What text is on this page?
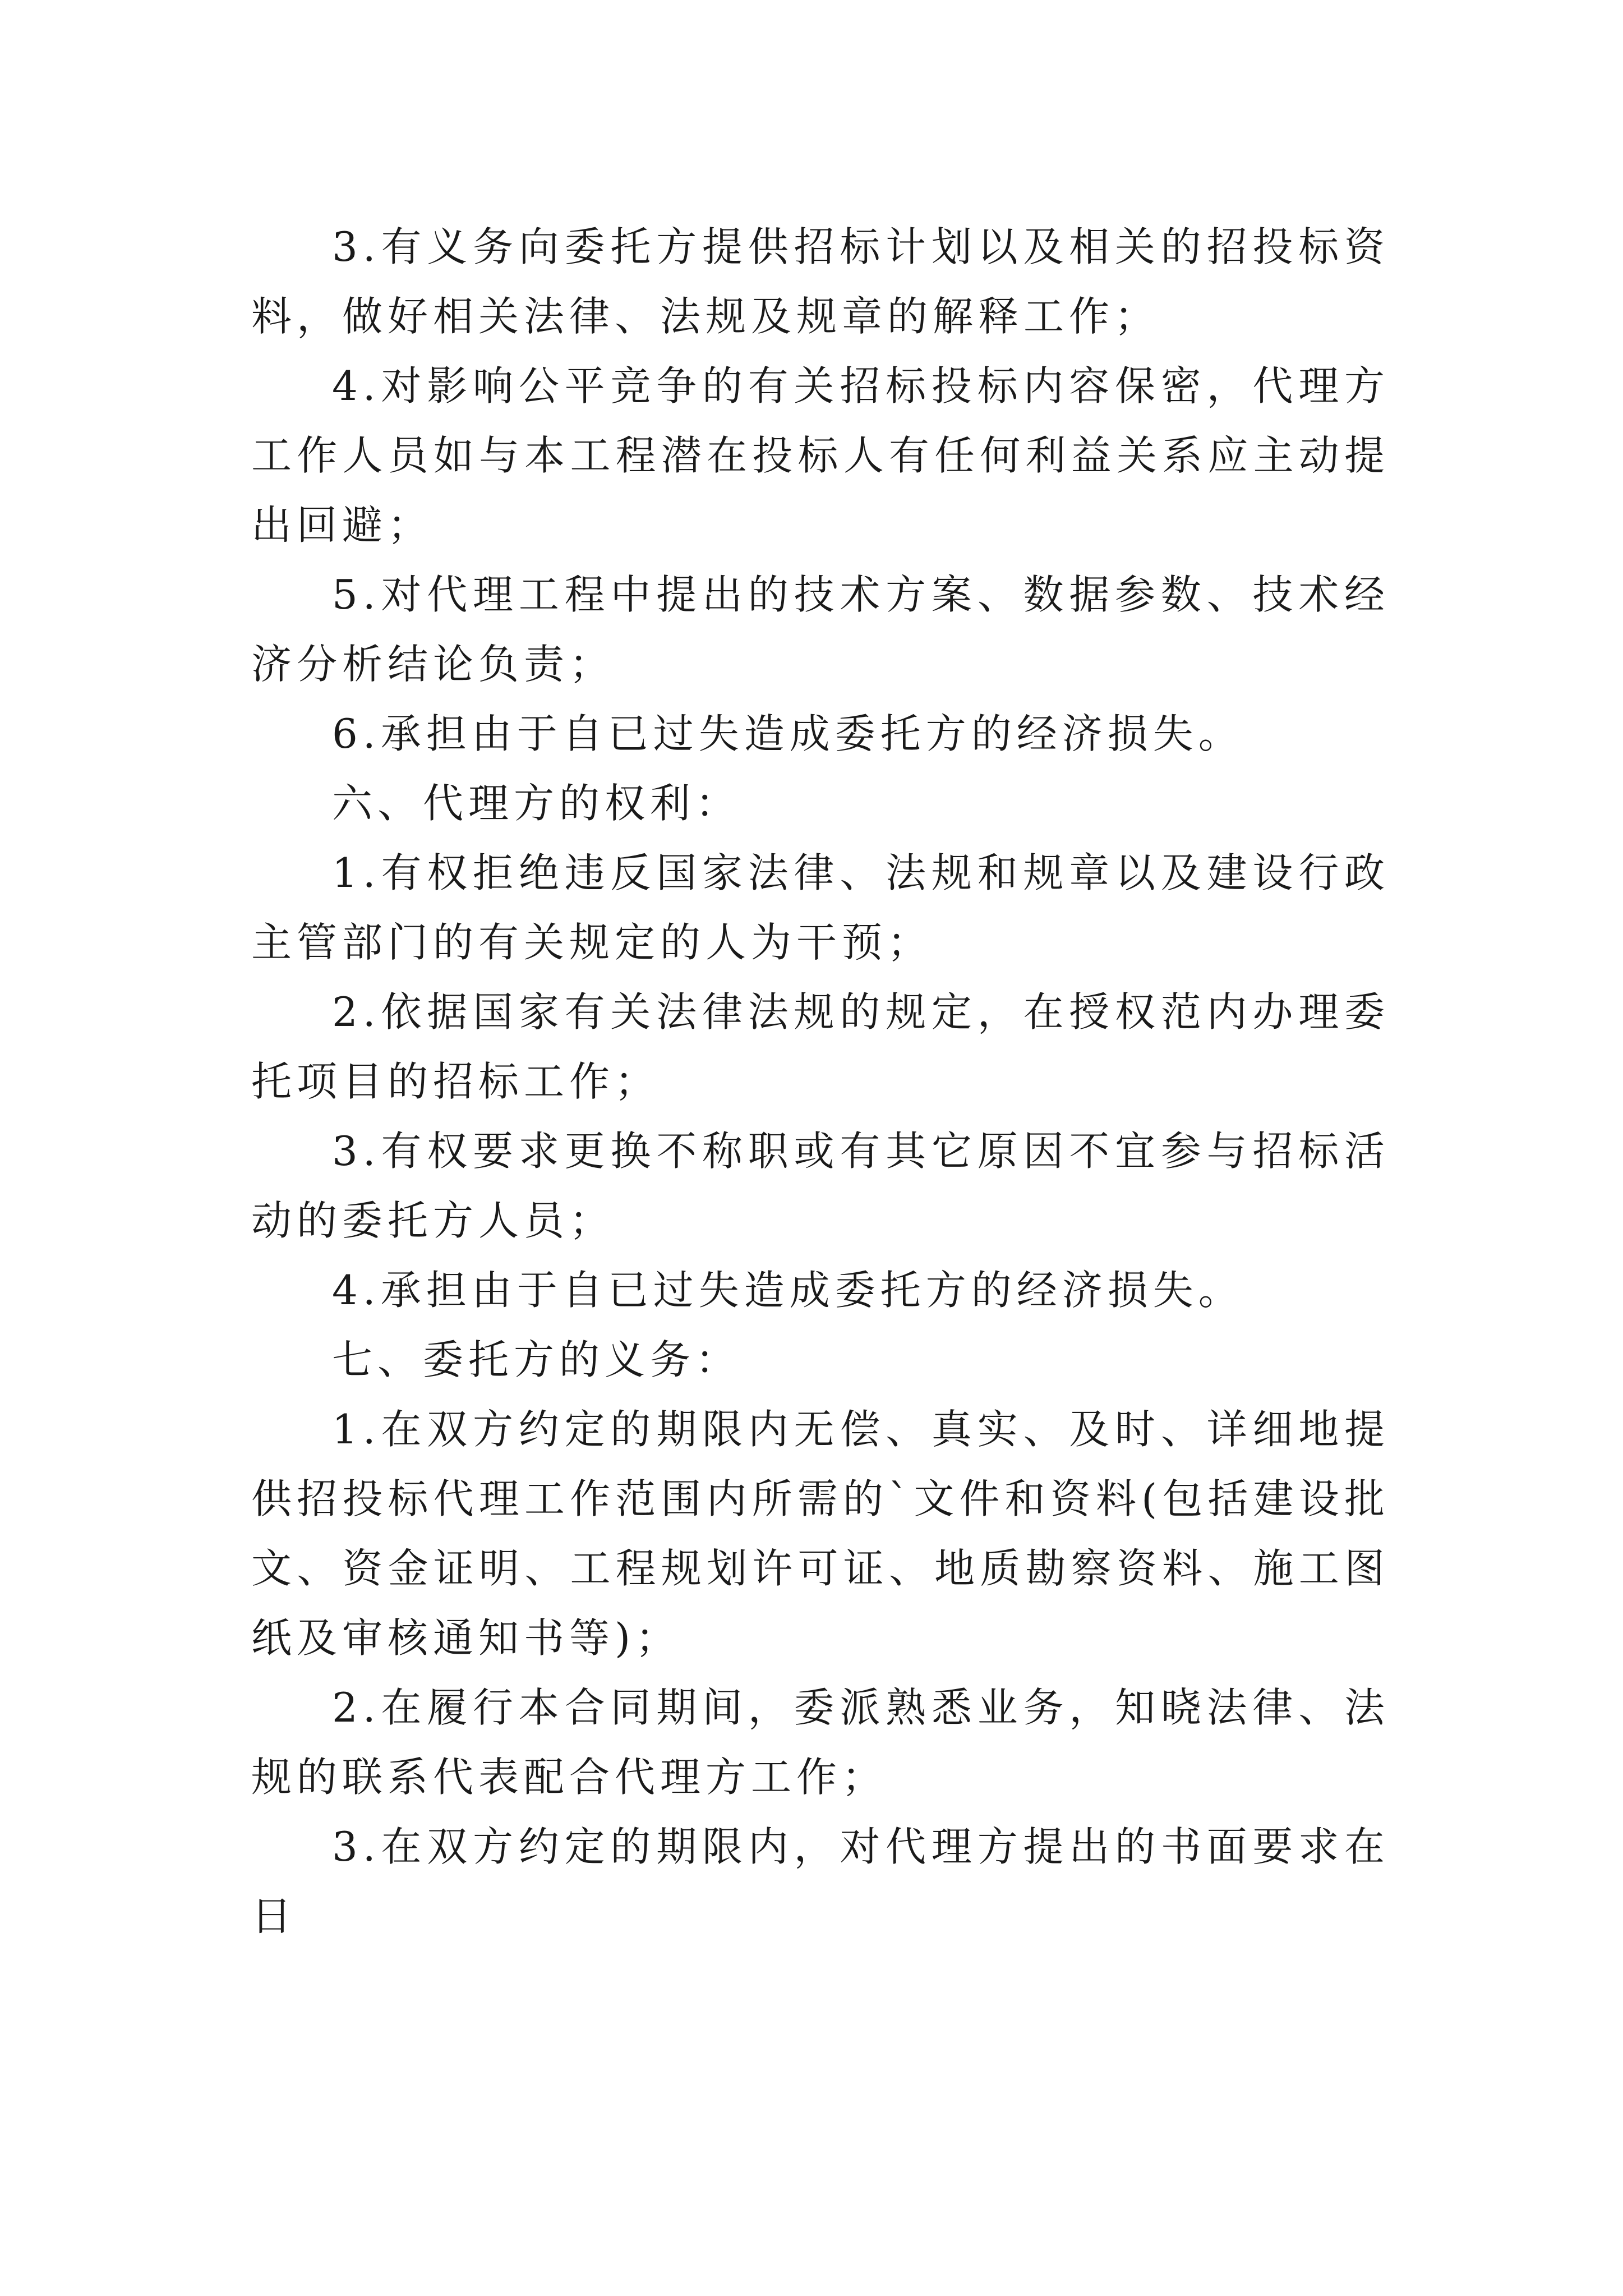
3.有义务向委托方提供招标计划以及相关的招投标资料，做好相关法律、法规及规章的解释工作；

4.对影响公平竞争的有关招标投标内容保密，代理方工作人员如与本工程潜在投标人有任何利益关系应主动提出回避；

5.对代理工程中提出的技术方案、数据参数、技术经济分析结论负责；

6.承担由于自已过失造成委托方的经济损失。

六、代理方的权利：

1.有权拒绝违反国家法律、法规和规章以及建设行政主管部门的有关规定的人为干预；

2.依据国家有关法律法规的规定，在授权范内办理委托项目的招标工作；

3.有权要求更换不称职或有其它原因不宜参与招标活动的委托方人员；

4.承担由于自已过失造成委托方的经济损失。

七、委托方的义务：

1.在双方约定的期限内无偿、真实、及时、详细地提供招投标代理工作范围内所需的`文件和资料(包括建设批文、资金证明、工程规划许可证、地质勘察资料、施工图纸及审核通知书等)；

2.在履行本合同期间，委派熟悉业务，知晓法律、法规的联系代表配合代理方工作；

3.在双方约定的期限内，对代理方提出的书面要求在日
